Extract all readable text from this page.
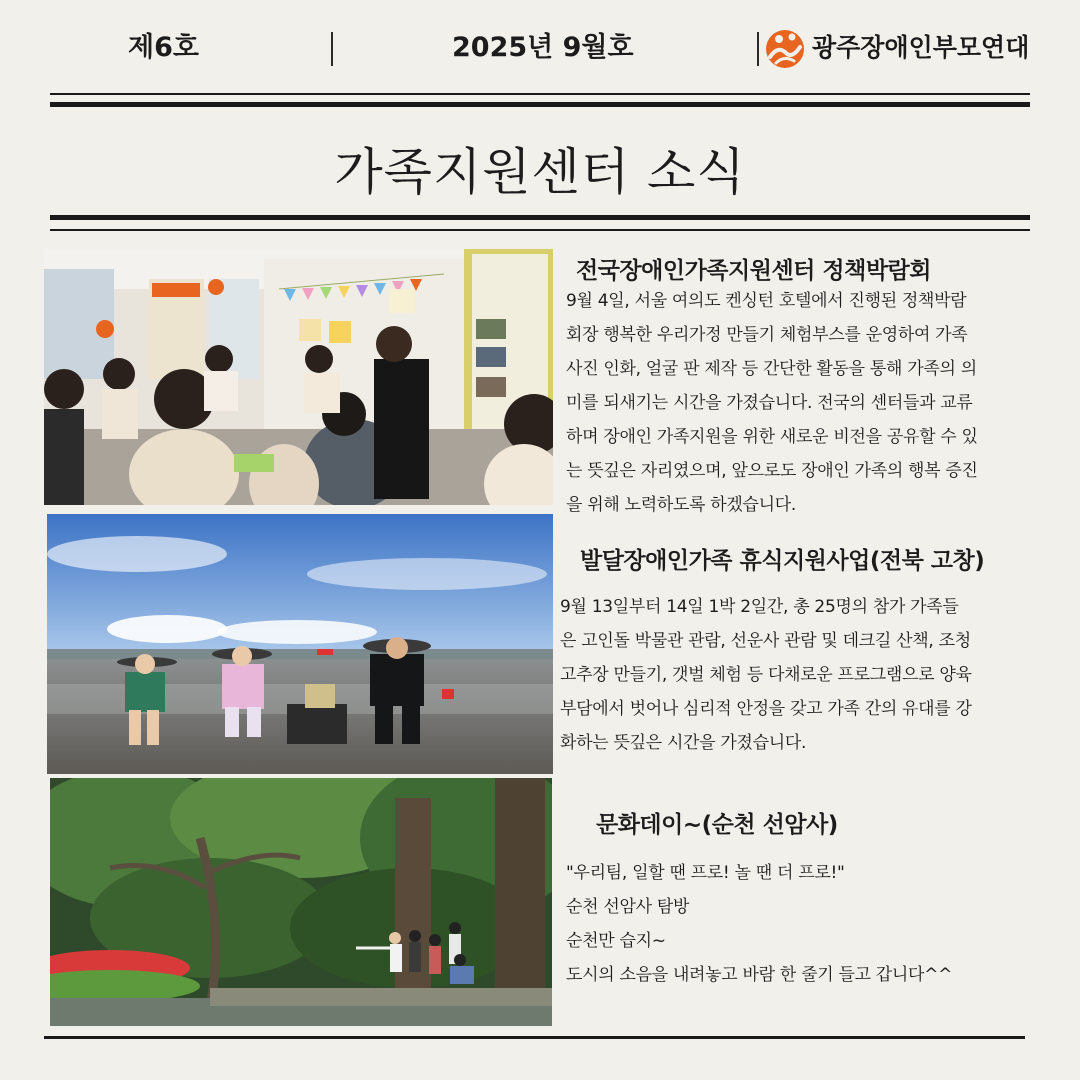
제6호	2025년 9월호	광주장애인부모연대
가족지원센터 소식
전국장애인가족지원센터 정책박람회
9월 4일, 서울 여의도 켄싱턴 호텔에서 진행된 정책박람
회장 행복한 우리가정 만들기 체험부스를 운영하여 가족
사진 인화, 얼굴 판 제작 등 간단한 활동을 통해 가족의 의
미를 되새기는 시간을 가졌습니다. 전국의 센터들과 교류
하며 장애인 가족지원을 위한 새로운 비전을 공유할 수 있
는 뜻깊은 자리였으며, 앞으로도 장애인 가족의 행복 증진
을 위해 노력하도록 하겠습니다.
발달장애인가족 휴식지원사업(전북 고창)
9월 13일부터 14일 1박 2일간, 총 25명의 참가 가족들
은 고인돌 박물관 관람, 선운사 관람 및 데크길 산책, 조청
고추장 만들기, 갯벌 체험 등 다채로운 프로그램으로 양육
부담에서 벗어나 심리적 안정을 갖고 가족 간의 유대를 강
화하는 뜻깊은 시간을 가졌습니다.
문화데이~(순천 선암사)
"우리팀, 일할 땐 프로! 놀 땐 더 프로!"
순천 선암사 탐방
순천만 습지~
도시의 소음을 내려놓고 바람 한 줄기 들고 갑니다^^
